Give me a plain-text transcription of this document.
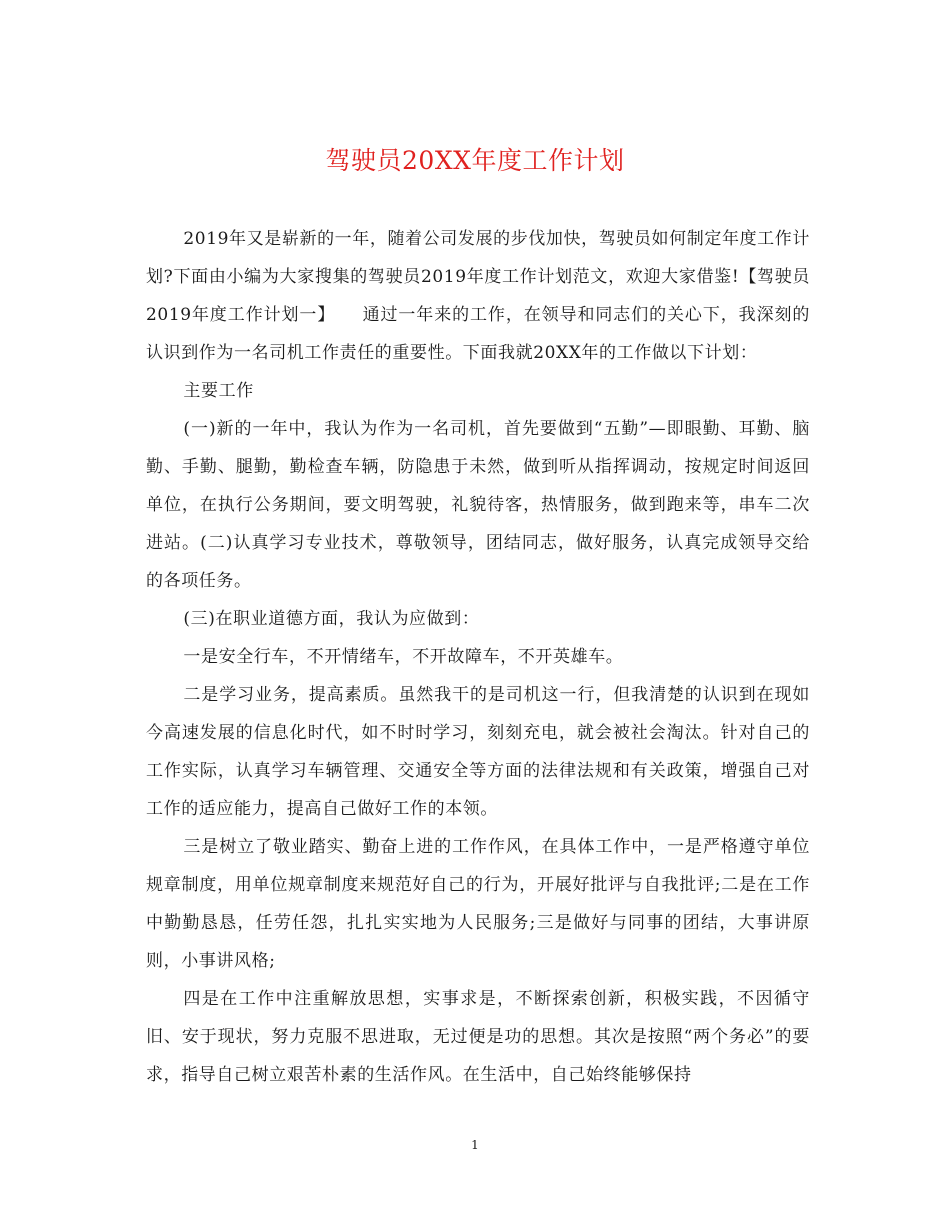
驾驶员20XX年度工作计划

2019年又是崭新的一年，随着公司发展的步伐加快，驾驶员如何制定年度工作计划?下面由小编为大家搜集的驾驶员2019年度工作计划范文，欢迎大家借鉴!【驾驶员2019年度工作计划一】　　通过一年来的工作，在领导和同志们的关心下，我深刻的认识到作为一名司机工作责任的重要性。下面我就20XX年的工作做以下计划：

主要工作

(一)新的一年中，我认为作为一名司机，首先要做到“五勤”—即眼勤、耳勤、脑勤、手勤、腿勤，勤检查车辆，防隐患于未然，做到听从指挥调动，按规定时间返回单位，在执行公务期间，要文明驾驶，礼貌待客，热情服务，做到跑来等，串车二次进站。(二)认真学习专业技术，尊敬领导，团结同志，做好服务，认真完成领导交给的各项任务。

(三)在职业道德方面，我认为应做到：

一是安全行车，不开情绪车，不开故障车，不开英雄车。

二是学习业务，提高素质。虽然我干的是司机这一行，但我清楚的认识到在现如今高速发展的信息化时代，如不时时学习，刻刻充电，就会被社会淘汰。针对自己的工作实际，认真学习车辆管理、交通安全等方面的法律法规和有关政策，增强自己对工作的适应能力，提高自己做好工作的本领。

三是树立了敬业踏实、勤奋上进的工作作风，在具体工作中，一是严格遵守单位规章制度，用单位规章制度来规范好自己的行为，开展好批评与自我批评;二是在工作中勤勤恳恳，任劳任怨，扎扎实实地为人民服务;三是做好与同事的团结，大事讲原则，小事讲风格;

四是在工作中注重解放思想，实事求是，不断探索创新，积极实践，不因循守旧、安于现状，努力克服不思进取，无过便是功的思想。其次是按照“两个务必”的要求，指导自己树立艰苦朴素的生活作风。在生活中，自己始终能够保持

1
